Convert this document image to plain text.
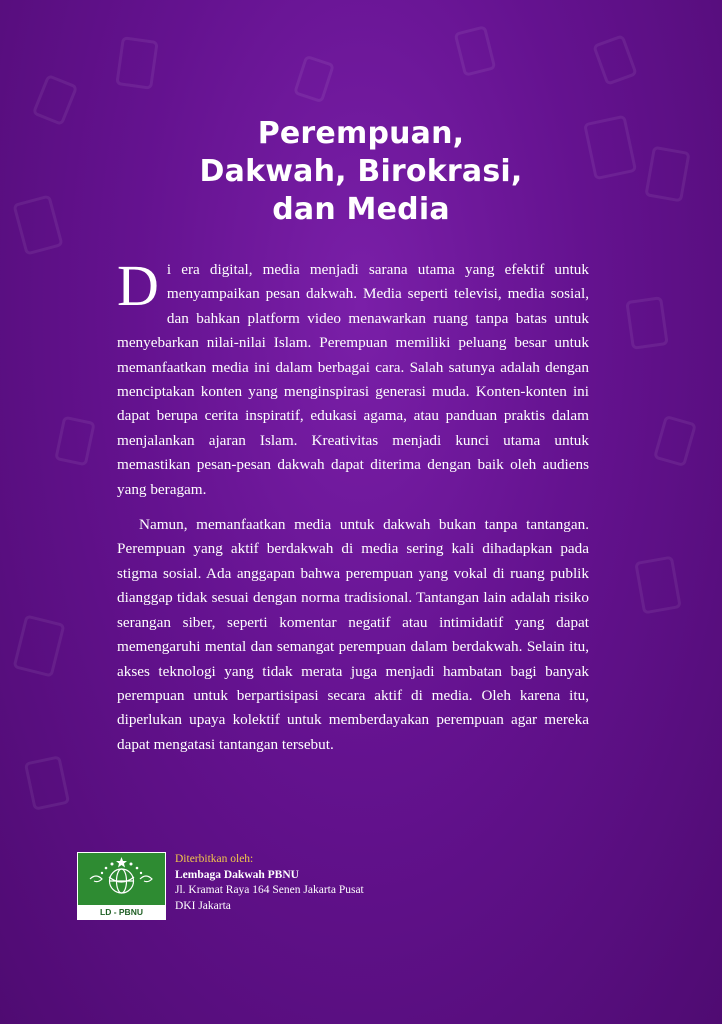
Perempuan,
Dakwah, Birokrasi,
dan Media

Di era digital, media menjadi sarana utama yang efektif untuk menyampaikan pesan dakwah. Media seperti televisi, media sosial, dan bahkan platform video menawarkan ruang tanpa batas untuk menyebarkan nilai-nilai Islam. Perempuan memiliki peluang besar untuk memanfaatkan media ini dalam berbagai cara. Salah satunya adalah dengan menciptakan konten yang menginspirasi generasi muda. Konten-konten ini dapat berupa cerita inspiratif, edukasi agama, atau panduan praktis dalam menjalankan ajaran Islam. Kreativitas menjadi kunci utama untuk memastikan pesan-pesan dakwah dapat diterima dengan baik oleh audiens yang beragam.

Namun, memanfaatkan media untuk dakwah bukan tanpa tantangan. Perempuan yang aktif berdakwah di media sering kali dihadapkan pada stigma sosial. Ada anggapan bahwa perempuan yang vokal di ruang publik dianggap tidak sesuai dengan norma tradisional. Tantangan lain adalah risiko serangan siber, seperti komentar negatif atau intimidatif yang dapat memengaruhi mental dan semangat perempuan dalam berdakwah. Selain itu, akses teknologi yang tidak merata juga menjadi hambatan bagi banyak perempuan untuk berpartisipasi secara aktif di media. Oleh karena itu, diperlukan upaya kolektif untuk memberdayakan perempuan agar mereka dapat mengatasi tantangan tersebut.

LD - PBNU
Diterbitkan oleh:
Lembaga Dakwah PBNU
Jl. Kramat Raya 164 Senen Jakarta Pusat
DKI Jakarta
